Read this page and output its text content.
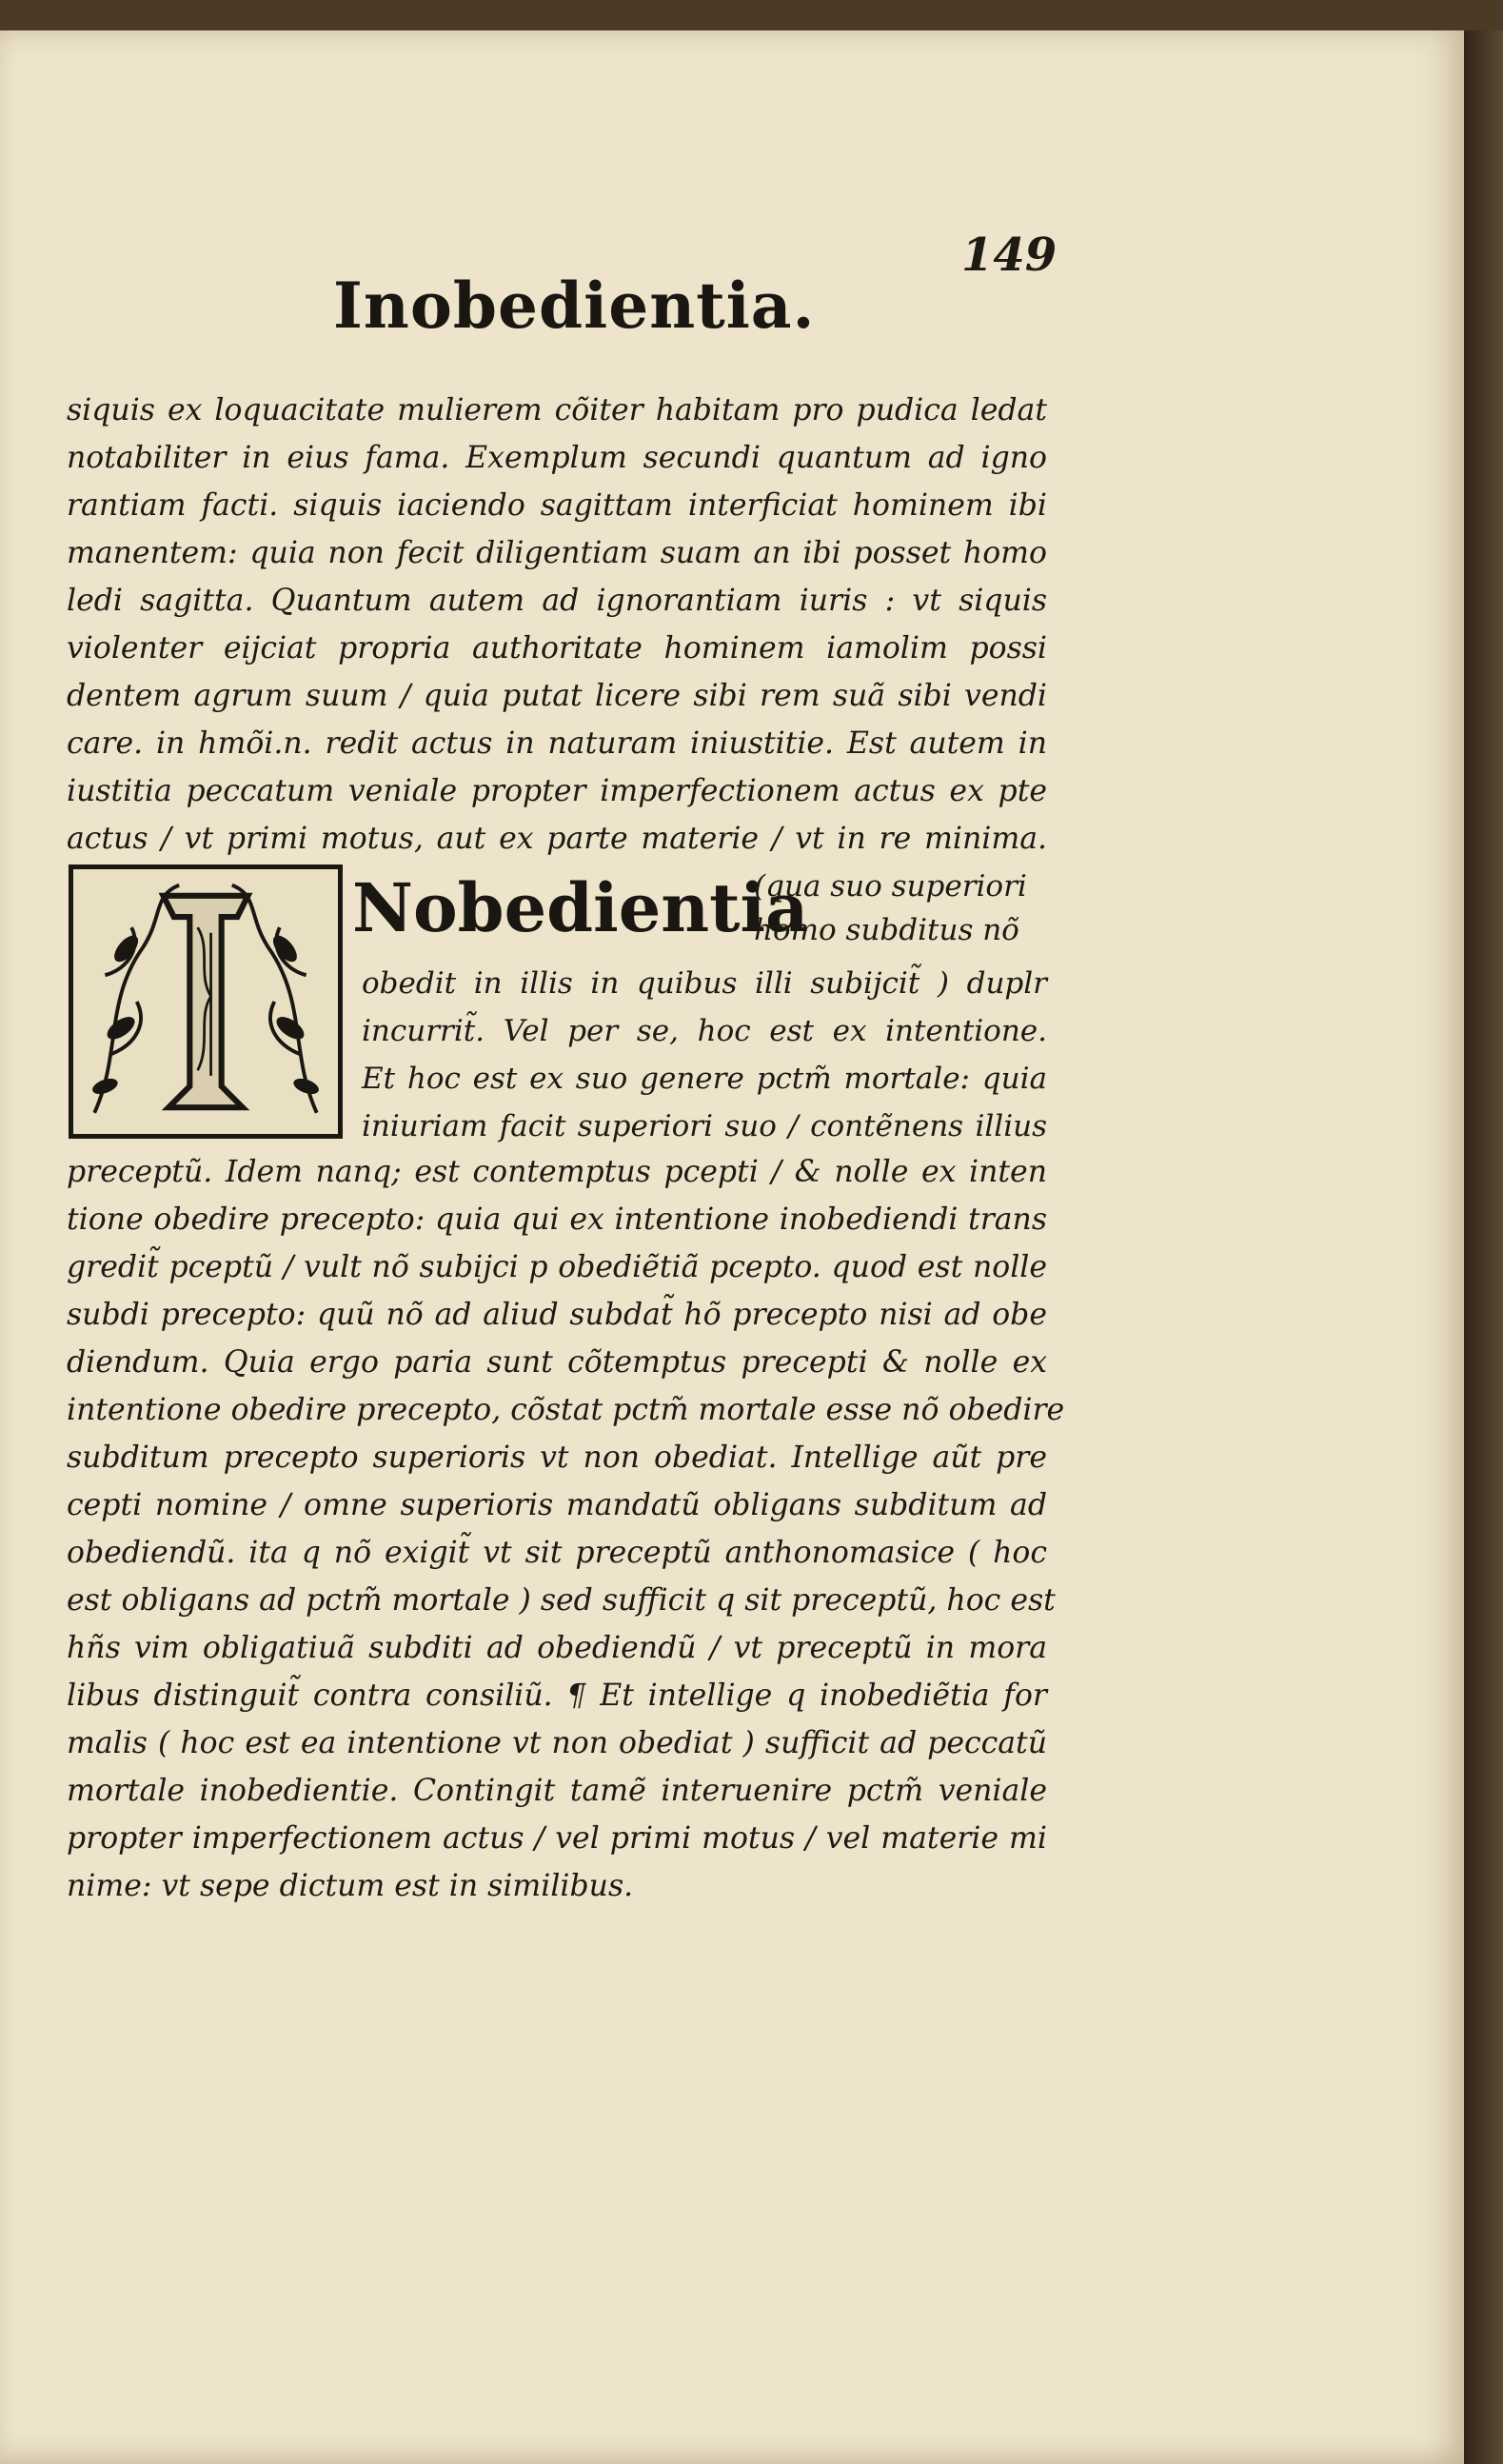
149
Inobedientia.
siquis ex loquacitate mulierem cõiter habitam pro pudica ledat
notabiliter in eius fama. Exemplum secundi quantum ad igno
rantiam facti. siquis iaciendo sagittam interficiat hominem ibi
manentem: quia non fecit diligentiam suam an ibi posset homo
ledi sagitta. Quantum autem ad ignorantiam iuris : vt siquis
violenter eijciat propria authoritate hominem iamolim possi
dentem agrum suum / quia putat licere sibi rem suã sibi vendi
care. in hmõi.n. redit actus in naturam iniustitie. Est autem in
iustitia peccatum veniale propter imperfectionem actus ex pte
actus / vt primi motus, aut ex parte materie / vt in re minima.
Nobedientia
(qua suo superiori
homo subditus nõ
obedit in illis in quibus illi subijcit̃ ) duplr
incurrit̃. Vel per se, hoc est ex intentione.
Et hoc est ex suo genere pctm̃ mortale: quia
iniuriam facit superiori suo / contẽnens illius
preceptũ. Idem nanq; est contemptus pcepti / & nolle ex inten
tione obedire precepto: quia qui ex intentione inobediendi trans
gredit̃ pceptũ / vult nõ subijci p obediẽtiã pcepto. quod est nolle
subdi precepto: quũ nõ ad aliud subdat̃ hõ precepto nisi ad obe
diendum. Quia ergo paria sunt cõtemptus precepti & nolle ex
intentione obedire precepto, cõstat pctm̃ mortale esse nõ obedire
subditum precepto superioris vt non obediat. Intellige aũt pre
cepti nomine / omne superioris mandatũ obligans subditum ad
obediendũ. ita q nõ exigit̃ vt sit preceptũ anthonomasice ( hoc
est obligans ad pctm̃ mortale ) sed sufficit q sit preceptũ, hoc est
hñs vim obligatiuã subditi ad obediendũ / vt preceptũ in mora
libus distinguit̃ contra consiliũ. ¶ Et intellige q inobediẽtia for
malis ( hoc est ea intentione vt non obediat ) sufficit ad peccatũ
mortale inobedientie. Contingit tamẽ interuenire pctm̃ veniale
propter imperfectionem actus / vel primi motus / vel materie mi
nime: vt sepe dictum est in similibus.
